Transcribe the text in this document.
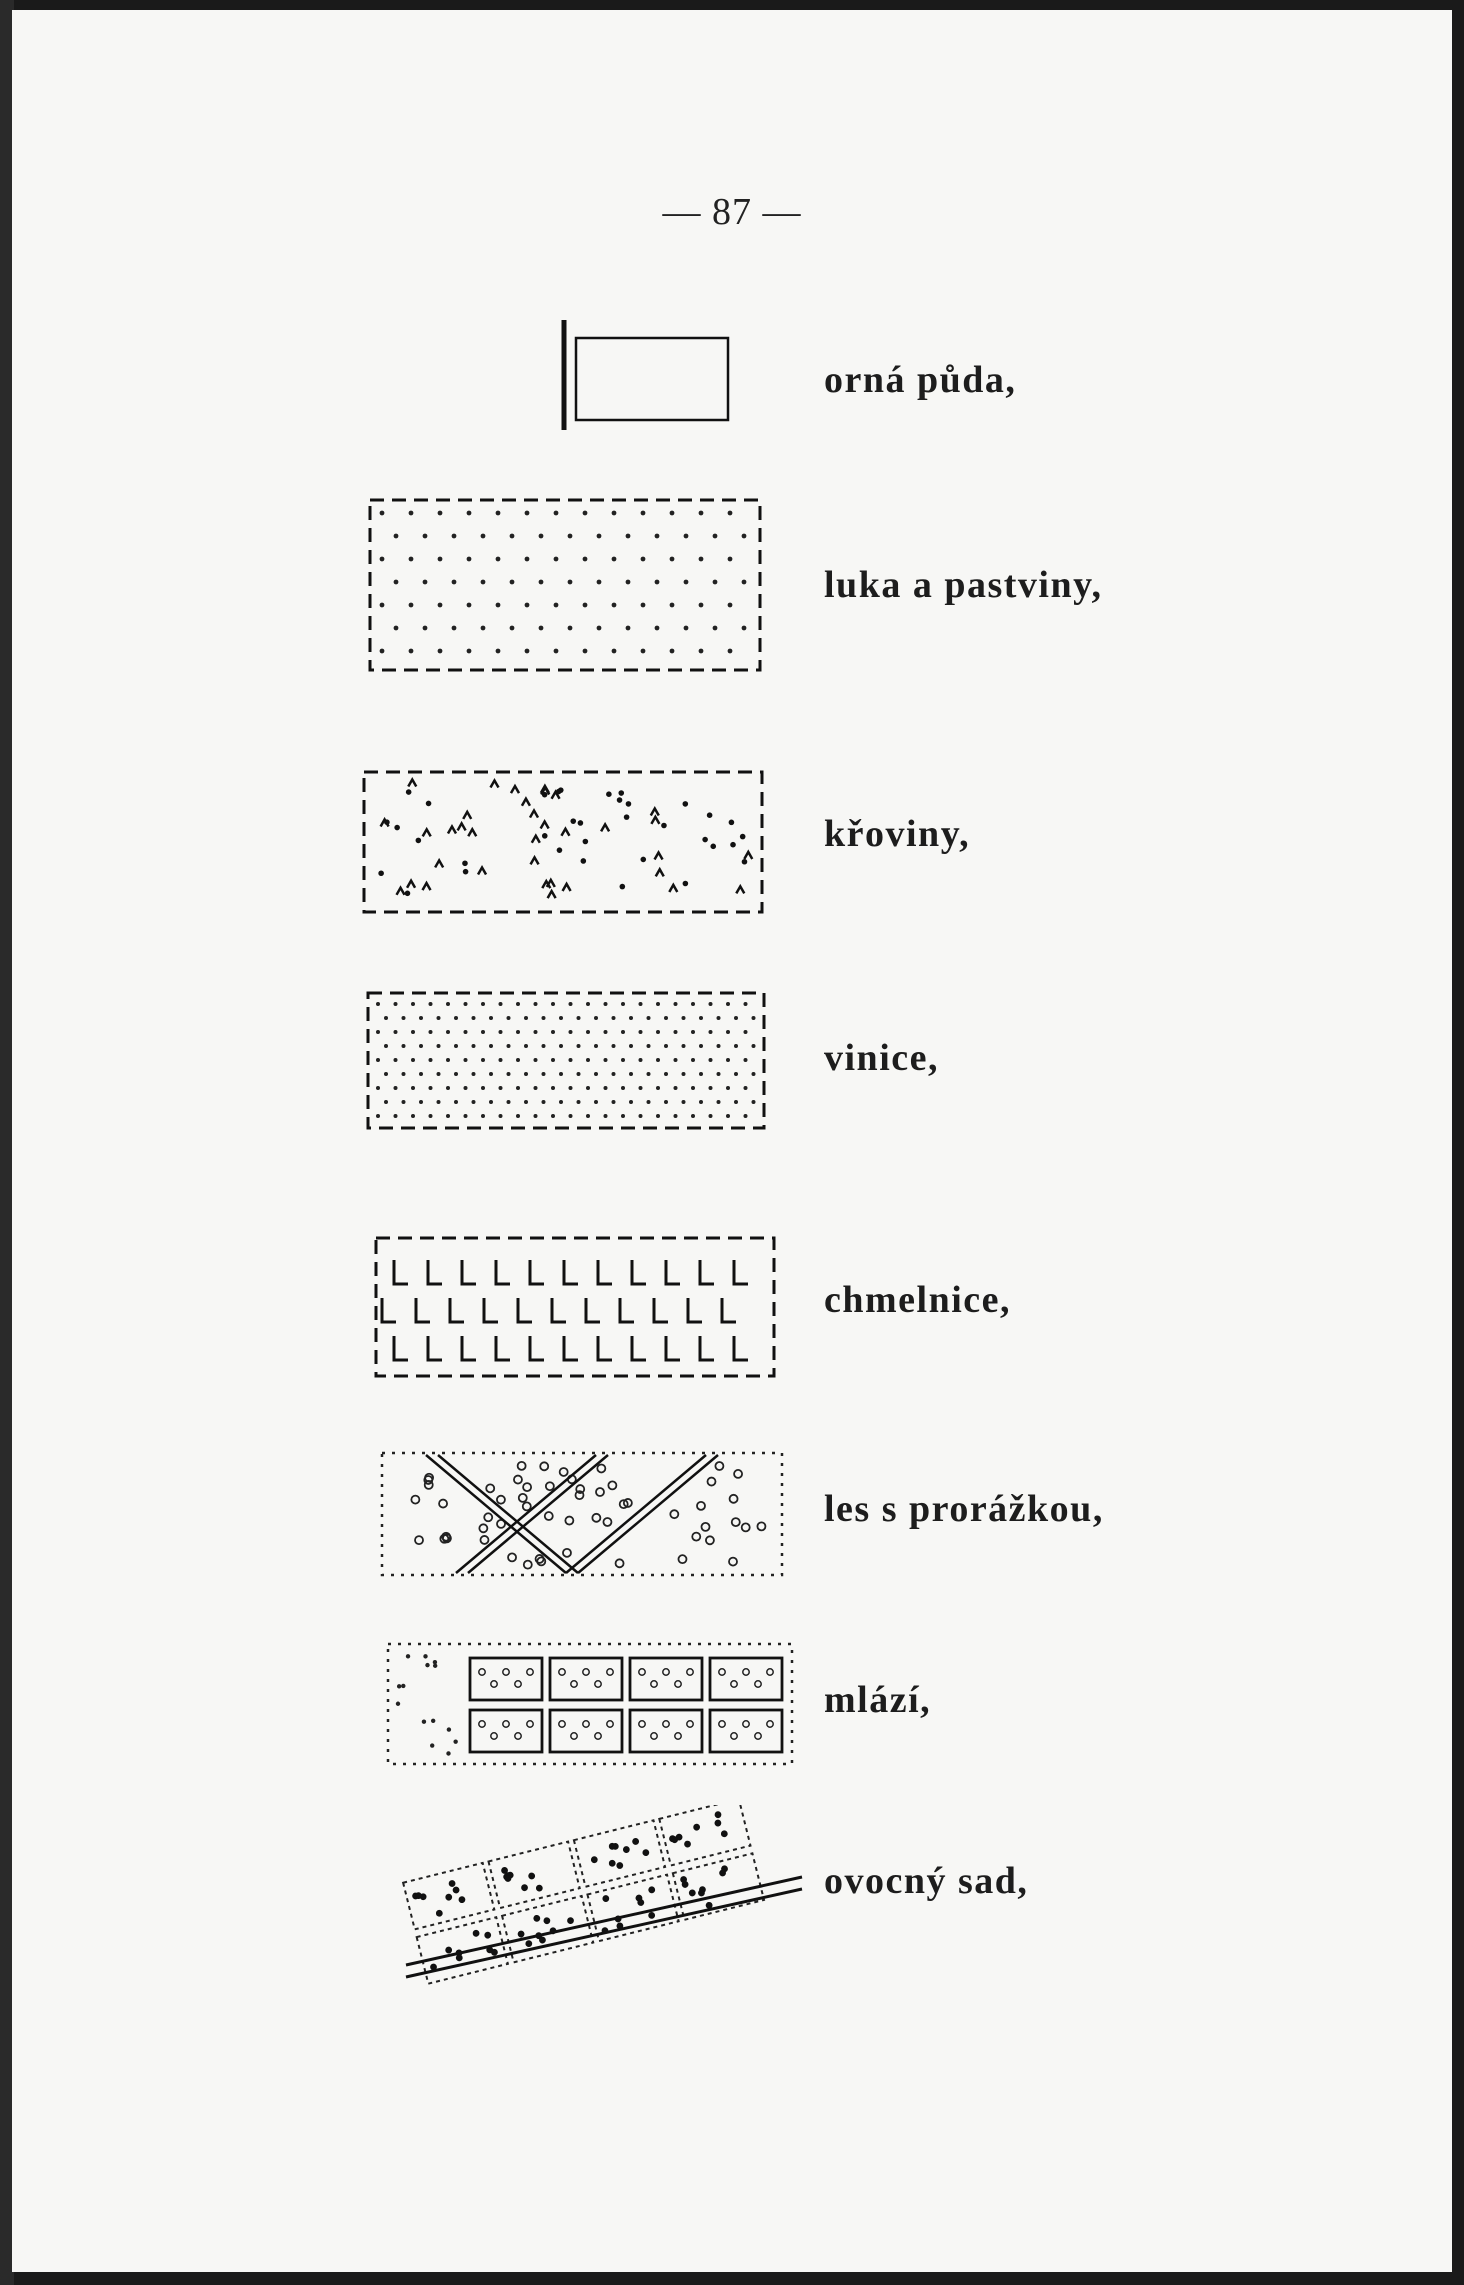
— 87 —
orná půda,
luka a pastviny,
křoviny,
vinice,
chmelnice,
les s prorážkou,
mlází,
ovocný sad,
